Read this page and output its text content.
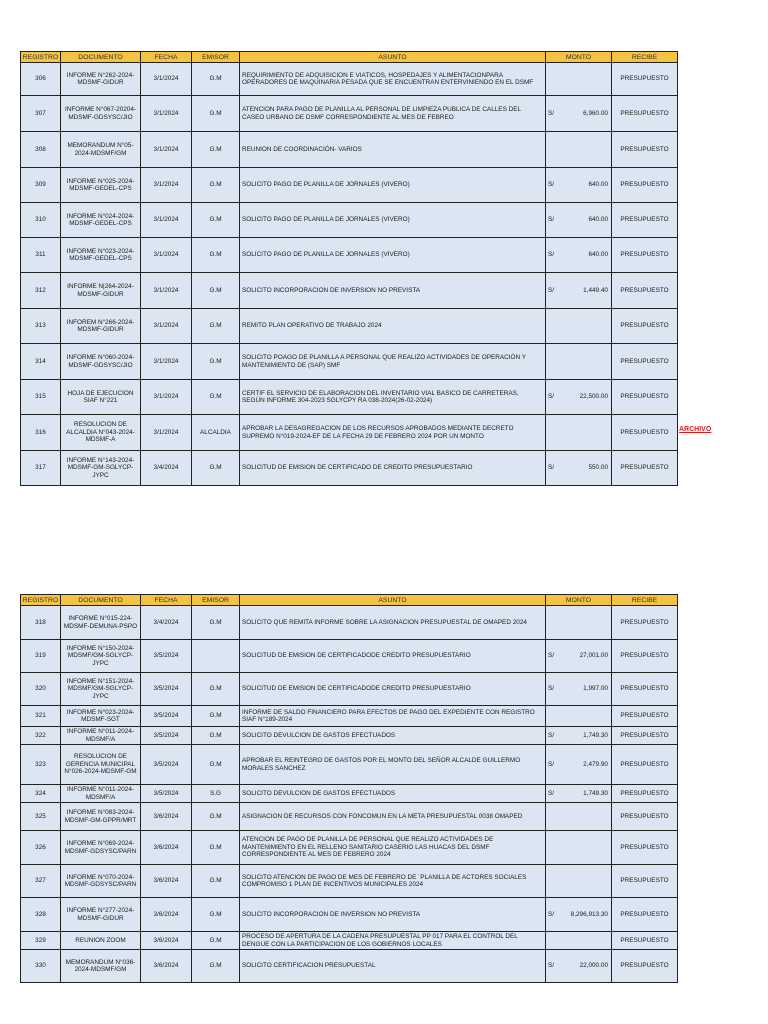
REGISTRO	DOCUMENTO	FECHA	EMISOR	ASUNTO	MONTO	RECIBE
306	INFORME N°262-2024-MDSMF-GIDUR	3/1/2024	G.M	REQUIRIMIENTO DE ADQUISICION E VIATICOS, HOSPEDAJES Y ALIMENTACIONPARA OPERADORES DE MAQUINARIA PESADA QUE SE ENCUENTRAN ENTERVINIENDO EN EL DSMF		PRESUPUESTO
307	INFORME N°067-20204-MDSMF-GDSYSC/JIO	3/1/2024	G.M	ATENCION PARA PAGO DE PLANILLA AL PERSONAL DE LIMPIEZA PUBLICA DE CALLES DEL CASEO URBANO DE DSMF CORRESPONDIENTE AL MES DE FEBREO	S/ 6,960.00	PRESUPUESTO
308	MEMORANDUM N°05-2024-MDSMF/GM	3/1/2024	G.M	REUNION DE COORDINACIÓN- VARIOS		PRESUPUESTO
309	INFORME N°025-2024-MDSMF-GEDEL-CPS	3/1/2024	G.M	SOLICITO PAGO DE PLANILLA DE JORNALES (VIVERO)	S/ 640.00	PRESUPUESTO
310	INFORME N°024-2024-MDSMF-GEDEL-CPS	3/1/2024	G.M	SOLICITO PAGO DE PLANILLA DE JORNALES (VIVERO)	S/ 640.00	PRESUPUESTO
311	INFORME N°023-2024-MDSMF-GEDEL-CPS	3/1/2024	G.M	SOLICITO PAGO DE PLANILLA DE JORNALES (VIVERO)	S/ 640.00	PRESUPUESTO
312	INFORME N|264-2024-MDSMF-GIDUR	3/1/2024	G.M	SOLICITO INCORPORACION DE INVERSION NO PREVISTA	S/ 1,449.40	PRESUPUESTO
313	INFOREM N°266-2024-MDSMF-GIDUR	3/1/2024	G.M	REMITO PLAN OPERATIVO DE TRABAJO 2024		PRESUPUESTO
314	INFORME N°060-2024-MDSMF-GDSYSC/JIO	3/1/2024	G.M	SOLICITO POAGO DE PLANILLA A PERSONAL QUE REALIZO ACTIVIDADES DE OPERACIÓN Y MANTENIMIENTO DE (SAP) SMF		PRESUPUESTO
315	HOJA DE EJECUCION SIAF N°221	3/1/2024	G.M	CERTIF EL SERVICIO DE ELABORACION DEL INVENTARIO VIAL BASICO DE CARRETERAS, SEGÚN INFORME 304-2023 SGLYCPY RA 038-2024(26-02-2024)	S/ 22,500.00	PRESUPUESTO
316	RESOLUCION DE ALCALDIA N°043-2024-MDSMF-A	3/1/2024	ALCALDIA	APROBAR LA DESAGREGACION DE LOS RECURSOS APROBADOS MEDIANTE DECRETO SUPREMO N°019-2024-EF DE LA FECHA 29 DE FEBRERO 2024 POR UN MONTO		PRESUPUESTO
317	INFORME N°143-2024-MDSMF-GM-SGLYCP-JYPC	3/4/2024	G.M	SOLICITUD DE EMISION DE CERTIFICADO DE CREDITO PRESUPUESTARIO	S/ 550.00	PRESUPUESTO
ARCHIVO
REGISTRO	DOCUMENTO	FECHA	EMISOR	ASUNTO	MONTO	RECIBE
318	INFORME N°015-224-MDSMF-DEMUNA-PSPO	3/4/2024	G.M	SOLICITO QUE REMITA INFORME SOBRE LA ASIGNACION PRESUPUESTAL DE OMAPED 2024		PRESUPUESTO
319	INFORME N°150-2024-MDSMF/GM-SGLYCP-JYPC	3/5/2024		SOLICITUD DE EMISION DE CERTIFICADODE CREDITO PRESUPUESTARIO	S/ 27,001.00	PRESUPUESTO
320	INFORME N°151-2024-MDSMF/GM-SGLYCP-JYPC	3/5/2024	G.M	SOLICITUD DE EMISION DE CERTIFICADODE CREDITO PRESUPUESTARIO	S/ 1,997.00	PRESUPUESTO
321	INFORME N°023-2024-MDSMF-SGT	3/5/2024	G.M	INFORME DE SALDO FINANCIERO PARA EFECTOS DE PAGO DEL EXPEDIENTE CON REGISTRO SIAF N°189-2024		PRESUPUESTO
322	INFORME N°011-2024-MDSMF/A	3/5/2024	G.M	SOLICITO DEVULCION DE GASTOS EFECTUADOS	S/ 1,749.30	PRESUPUESTO
323	RESOLUCION DE GERENCIA MUNICIPAL N°026-2024-MDSMF-GM	3/5/2024	G.M	APROBAR EL REINTEGRO DE GASTOS POR EL MONTO DEL SEÑOR ALCALDE GUILLERMO MORALES SANCHEZ	S/ 2,479.90	PRESUPUESTO
324	INFORME N°011-2024-MDSMF/A	3/5/2024	S.G	SOLICITO DEVULCION DE GASTOS EFECTUADOS	S/ 1,749.30	PRESUPUESTO
325	INFORME N°083-2024-MDSMF-GM-GPPR/MRT	3/6/2024	G.M	ASIGNACION DE RECURSOS CON FONCOMUN EN LA META PRESUPUESTAL 0038 OMAPED		PRESUPUESTO
326	INFORME N°069-2024-MDSMF-GDSYSC/PARN	3/6/2024	G.M	ATENCION DE PAGO DE PLANILLA DE PERSONAL QUE REALIZO ACTIVIDADES DE MANTENIMIENTO EN EL RELLENO SANITARIO CASERIO LAS HUACAS DEL DSMF CORRESPONDIENTE AL MES DE FEBRERO 2024		PRESUPUESTO
327	INFORME N°070-2024-MDSMF-GDSYSC/PARN	3/6/2024	G.M	SOLICITO ATENCION DE PAGO DE MES DE FEBRERO DE ´PLANILLA DE ACTORES SOCIALES COMPROMISO 1 PLAN DE INCENTIVOS MUNICIPALES 2024		PRESUPUESTO
328	INFORME N°277-2024-MDSMF-GIDUR	3/6/2024	G.M	SOLICITO INCORPORACION DE INVERSION NO PREVISTA	S/ 8,296,913.30	PRESUPUESTO
329	REUNION ZOOM	3/6/2024	G.M	PROCESO DE APERTURA DE LA CADENA PRESUPUESTAL PP 017 PARA EL CONTROL DEL DENGUE CON LA PARTICIPACION DE LOS GOBIERNOS LOCALES		PRESUPUESTO
330	MEMORANDUM N°036-2024-MDSMF/GM	3/6/2024	G.M	SOLICITO CERTIFICACION PRESUPUESTAL	S/ 22,000.00	PRESUPUESTO
